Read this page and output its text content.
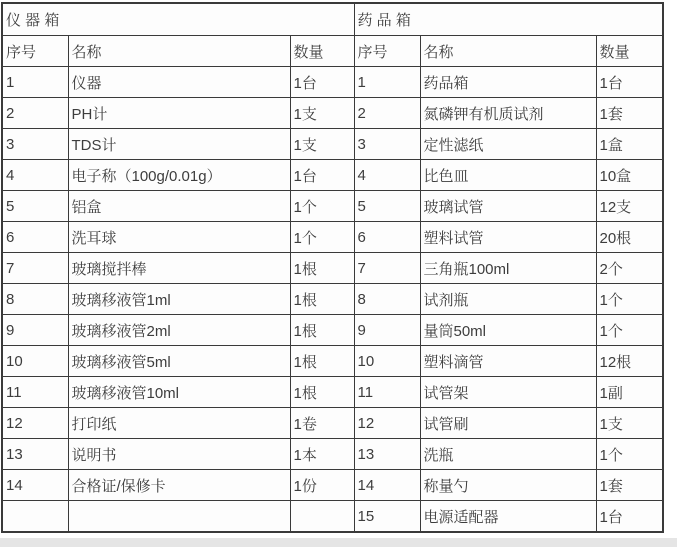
仪 器 箱			药 品 箱		
序号	名称	数量	序号	名称	数量
1	仪器	1台	1	药品箱	1台
2	PH计	1支	2	氮磷钾有机质试剂	1套
3	TDS计	1支	3	定性滤纸	1盒
4	电子称（100g/0.01g）	1台	4	比色皿	10盒
5	铝盒	1个	5	玻璃试管	12支
6	洗耳球	1个	6	塑料试管	20根
7	玻璃搅拌棒	1根	7	三角瓶100ml	2个
8	玻璃移液管1ml	1根	8	试剂瓶	1个
9	玻璃移液管2ml	1根	9	量筒50ml	1个
10	玻璃移液管5ml	1根	10	塑料滴管	12根
11	玻璃移液管10ml	1根	11	试管架	1副
12	打印纸	1卷	12	试管刷	1支
13	说明书	1本	13	洗瓶	1个
14	合格证/保修卡	1份	14	称量勺	1套
			15	电源适配器	1台
